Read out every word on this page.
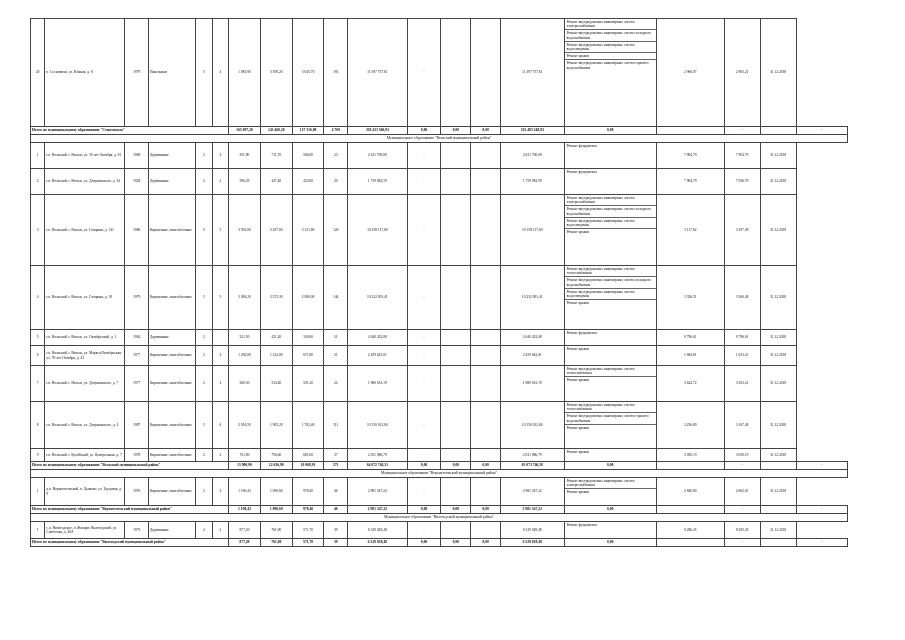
20	п. Сосновичи, ул. Южная, д. 8	1979	Панельные	5	4	1 083,90	3 500,20	3 045,70	191	11 397 737,61	-			11 397 737,61	Ремонт внутридомовых инженерных систем электроснабжения
Ремонт внутридомовых инженерных систем холодного водоснабжения
Ремонт внутридомовых инженерных систем водоотведения
Ремонт крыши
Ремонт внутридомовых инженерных систем горячего водоснабжения	2 966,07	2 963,21	31.12.2018	
Итого по муниципальному образованию "Сенеговское"						165 097,20	143 460,20	127 316,00	4 769	339 433 566,93	0,00	0,00	0,00	323 483 348,83	0,00		-		-
Муниципальное образование "Вельский муниципальный район"																			
1	г.п. Вельский, г. Вельск, ул. 50 лет Октября, д. 81	1968	Деревянные	2	2	811,90	711,70	566,00	23	2 631 700,00	-			2 631 700,00	Ремонт фундамента	7 904,79	7 904,79	31.12.2018	
2	г.п. Вельский, г. Вельск, ул. Дзержинского, д. 34	1928	Деревянные	2	2	596,29	447,40	433,00	20	1 759 082,59	-			1 759 082,59	Ремонт фундамента	7 904,79	7 926,79	31.12.2018	
3	г.п. Вельский, г. Вельск, ул. Гагарина, д. 141	1986	Кирпичные, многоблочные	5	5	3 592,00	3 297,60	3 121,80	120	10 158 117,69	-			10 158 117,69	Ремонт внутридомовых инженерных систем электроснабжения
Ремонт внутридомовых инженерных систем холодного водоснабжения
Ремонт внутридомовых инженерных систем водоотведения
Ремонт крыши	3 117,82	3 107,49	31.12.2018	
4	г.п. Вельский, г. Вельск, ул. Гагарина, д. 19	1979	Кирпичные, многоблочные	5	5	3 094,20	2 572,30	2 080,00	144	10 232 091,41	-			10 232 091,41	Ремонт внутридомовых инженерных систем теплоснабжения
Ремонт внутридомовых инженерных систем холодного водоснабжения
Ремонт внутридомовых инженерных систем водоотведения
Ремонт крыши	3 356,51	3 360,49	31.12.2018	
5	г.п. Вельский, г. Вельск, ул. Октябрьский, д. 1	1962	Деревянные	2		521,50	421,20	330,00	21	2 640 452,08	-			2 640 452,08	Ремонт фундамента	9 796,61	9 796,61	31.12.2018	
6	г.п. Вельский, г. Вельск, ул. Маркса/Октябрьская, ул. 70-лет Октября, д. 23	1977	Кирпичные, многоблочные	2	2	1 250,00	1 232,00	671,80	21	2 459 643,01	-			2 459 643,01	Ремонт крыши	1 684,81	1 633,21	31.12.2018	
7	г.п. Вельский, г. Вельск, ул. Дзержинского, д. 7	1977	Кирпичные, многоблочные	2	2	560,30	534,40	501,20	24	1 980 633,19	-			1 980 633,19	Ремонт внутридомовых инженерных систем теплоснабжения
Ремонт крыши	3 624,72	3 563,21	31.12.2018	
8	г.п. Вельский, г. Вельск, ул. Дзержинского, д. 4	1987	Кирпичные, многоблочные	5	4	2 954,50	1 905,20	1 702,40	111	10 150 012,84	-			10 150 012,84	Ремонт внутридомовых инженерных систем теплоснабжения
Ремонт внутридомовых инженерных систем горячего водоснабжения
Ремонт крыши	3 256,80	3 167,49	31.12.2018	
9	г.п. Вельский, г. Кулойский, ул. Центральная, д. 7	1978	Кирпичные, многоблочные	2	2	761,80	756,60	681,00	37	2 031 086,79	-			2 031 086,79	Ремонт крыши	3 050,19	3 050,19	31.12.2018	
Итого по муниципальному образованию "Вельский муниципальный район"						13 900,90	12 636,90	10 068,91	571	64 072 740,31	0,00	0,00	0,00	65 073 746,58	0,00		-		-
Муниципальное образование "Верхнетоемский муниципальный район"																			
1	д.п. Верхнетоемский, п. Дьяково, ул. Трудовая, д. 9	1976	Кирпичные, многоблочные	2	2	1 190,43	1 090,60	978,40	46	2 981 347,22	-			2 981 347,22	Ремонт внутридомовых инженерных систем электроснабжения
Ремонт крыши	2 840,80	2 665,01	31.12.2018	
Итого по муниципальному образованию "Верхнетоемский муниципальный район"						1 190,43	1 090,60	978,40	46	2 981 347,22	0,00	0,00	0,00	2 981 347,22	0,00		-		-
Муниципальное образование "Вилегодский муниципальный район"																			
1	с.п. Вилегодское, п. Жешарт, Вилегодский, ул. Советская, д. 40А	1975	Деревянные	2	2	877,20	761,00	571,70	39	6 529 028,48	-			6 529 028,48	Ремонт фундамента	9 286,45	8 295,45	31.12.2018	
Итого по муниципальному образованию "Вилегодский муниципальный район"						877,20	761,00	571,70	39	6 529 028,48	0,00	0,00	0,00	6 529 028,48	0,00		-		-
